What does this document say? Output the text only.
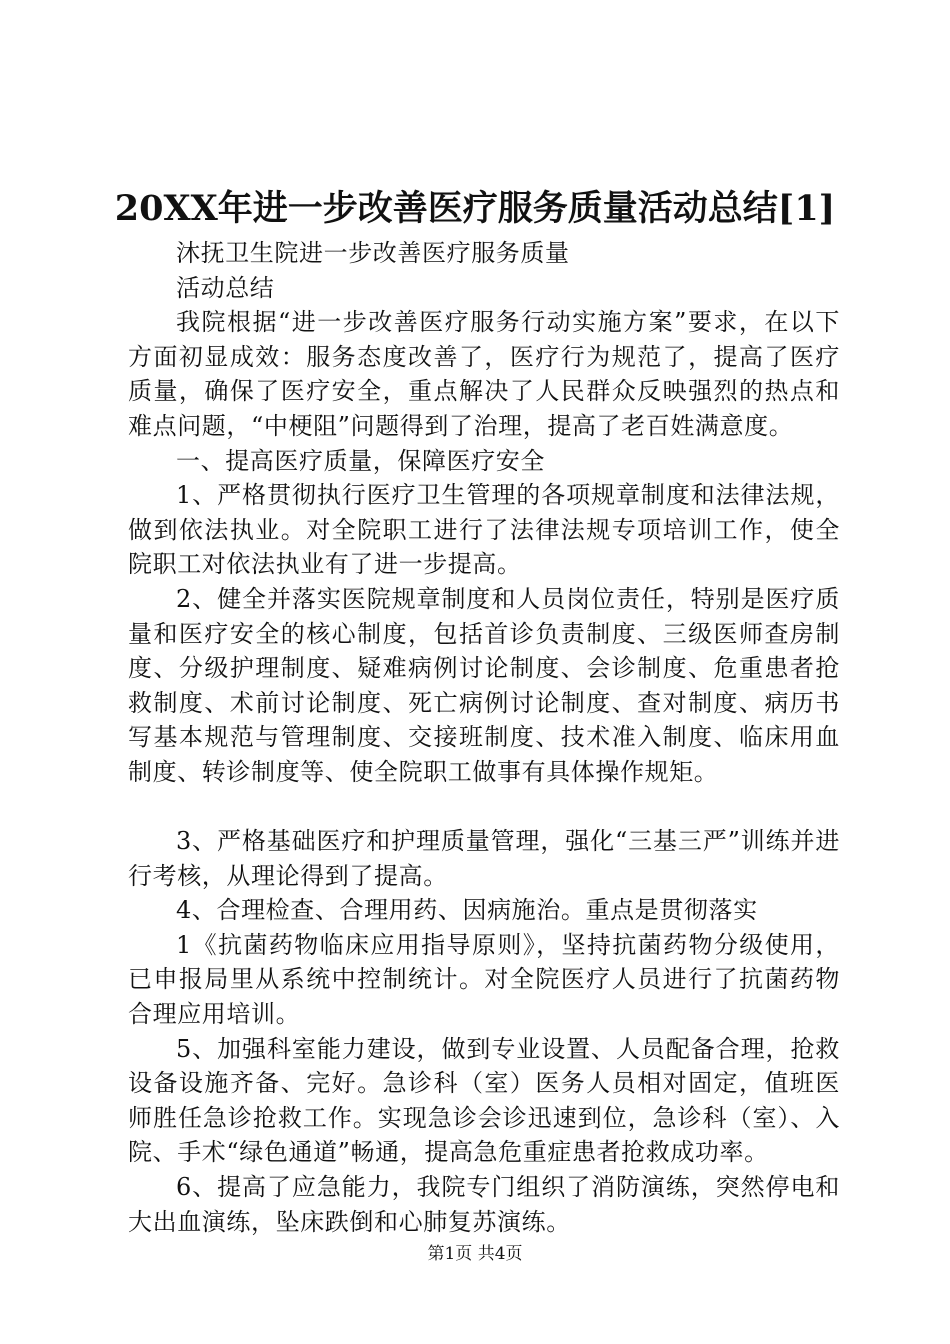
20XX年进一步改善医疗服务质量活动总结[1]

沐抚卫生院进一步改善医疗服务质量

活动总结

我院根据“进一步改善医疗服务行动实施方案”要求，在以下方面初显成效：服务态度改善了，医疗行为规范了，提高了医疗质量，确保了医疗安全，重点解决了人民群众反映强烈的热点和难点问题，“中梗阻”问题得到了治理，提高了老百姓满意度。

一、提高医疗质量，保障医疗安全

1、严格贯彻执行医疗卫生管理的各项规章制度和法律法规，做到依法执业。对全院职工进行了法律法规专项培训工作，使全院职工对依法执业有了进一步提高。

2、健全并落实医院规章制度和人员岗位责任，特别是医疗质量和医疗安全的核心制度，包括首诊负责制度、三级医师查房制度、分级护理制度、疑难病例讨论制度、会诊制度、危重患者抢救制度、术前讨论制度、死亡病例讨论制度、查对制度、病历书写基本规范与管理制度、交接班制度、技术准入制度、临床用血制度、转诊制度等、使全院职工做事有具体操作规矩。

3、严格基础医疗和护理质量管理，强化“三基三严”训练并进行考核，从理论得到了提高。

4、合理检查、合理用药、因病施治。重点是贯彻落实

1《抗菌药物临床应用指导原则》，坚持抗菌药物分级使用，已申报局里从系统中控制统计。对全院医疗人员进行了抗菌药物合理应用培训。

5、加强科室能力建设，做到专业设置、人员配备合理，抢救设备设施齐备、完好。急诊科（室）医务人员相对固定，值班医师胜任急诊抢救工作。实现急诊会诊迅速到位，急诊科（室）、入院、手术“绿色通道”畅通，提高急危重症患者抢救成功率。

6、提高了应急能力，我院专门组织了消防演练，突然停电和大出血演练，坠床跌倒和心肺复苏演练。

第1页 共4页
